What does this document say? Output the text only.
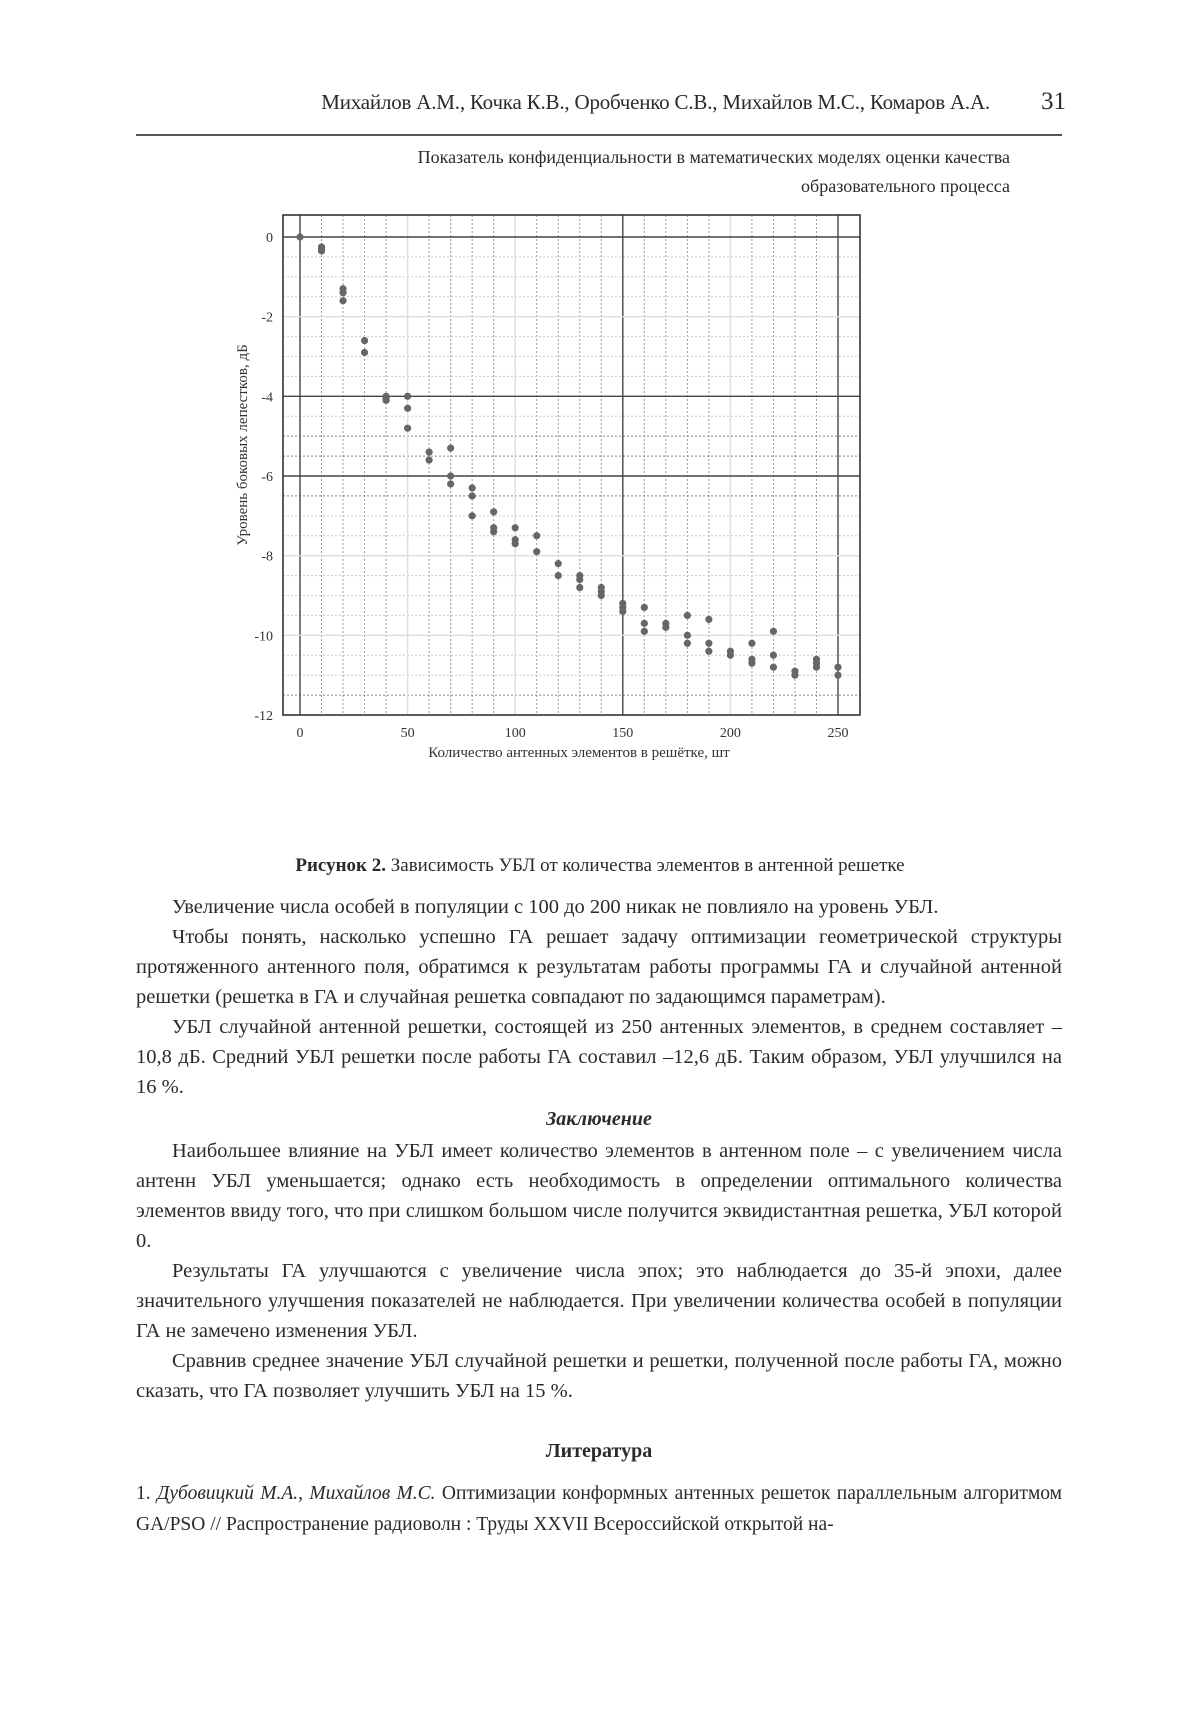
Михайлов А.М., Кочка К.В., Оробченко С.В., Михайлов М.С., Комаров А.А. 31
Показатель конфиденциальности в математических моделях оценки качества
образовательного процесса
0
-2
-4
-6
-8
-10
-12
0	50	100	150	200	250
Количество антенных элементов в решётке, шт
Уровень боковых лепестков, дБ
Рисунок 2. Зависимость УБЛ от количества элементов в антенной решетке

Увеличение числа особей в популяции с 100 до 200 никак не повлияло на уровень УБЛ.

Чтобы понять, насколько успешно ГА решает задачу оптимизации геометрической структуры протяженного антенного поля, обратимся к результатам работы программы ГА и случайной антенной решетки (решетка в ГА и случайная решетка совпадают по задающимся параметрам).

УБЛ случайной антенной решетки, состоящей из 250 антенных элементов, в среднем составляет –10,8 дБ. Средний УБЛ решетки после работы ГА составил –12,6 дБ. Таким образом, УБЛ улучшился на 16 %.

Заключение

Наибольшее влияние на УБЛ имеет количество элементов в антенном поле – с увеличением числа антенн УБЛ уменьшается; однако есть необходимость в определении оптимального количества элементов ввиду того, что при слишком большом числе получится эквидистантная решетка, УБЛ которой 0.

Результаты ГА улучшаются с увеличение числа эпох; это наблюдается до 35-й эпохи, далее значительного улучшения показателей не наблюдается. При увеличении количества особей в популяции ГА не замечено изменения УБЛ.

Сравнив среднее значение УБЛ случайной решетки и решетки, полученной после работы ГА, можно сказать, что ГА позволяет улучшить УБЛ на 15 %.

Литература

1. Дубовицкий М.А., Михайлов М.С. Оптимизации конформных антенных решеток параллельным алгоритмом GA/PSO // Распространение радиоволн : Труды XXVII Всероссийской открытой на-
